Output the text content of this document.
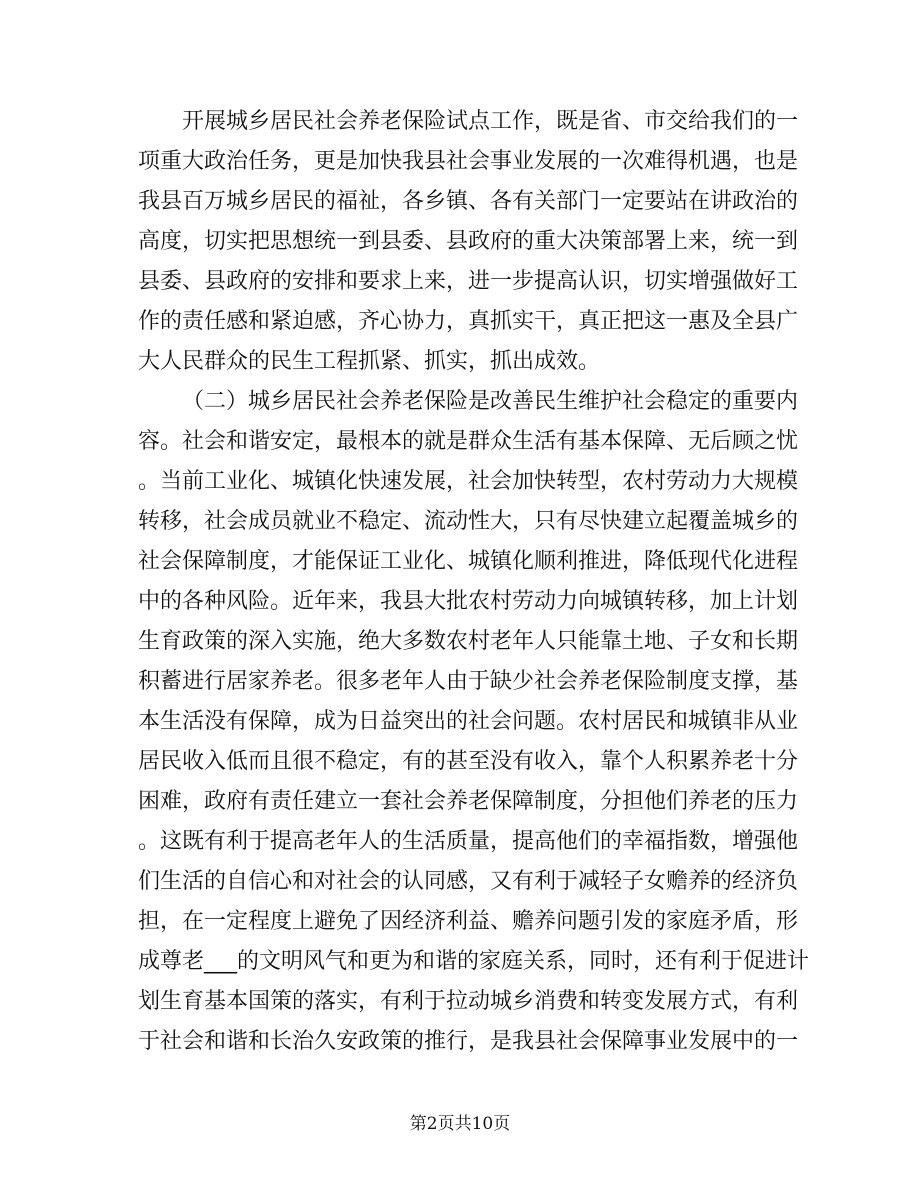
开展城乡居民社会养老保险试点工作，既是省、市交给我们的一
项重大政治任务，更是加快我县社会事业发展的一次难得机遇，也是
我县百万城乡居民的福祉，各乡镇、各有关部门一定要站在讲政治的
高度，切实把思想统一到县委、县政府的重大决策部署上来，统一到
县委、县政府的安排和要求上来，进一步提高认识，切实增强做好工
作的责任感和紧迫感，齐心协力，真抓实干，真正把这一惠及全县广
大人民群众的民生工程抓紧、抓实，抓出成效。
（二）城乡居民社会养老保险是改善民生维护社会稳定的重要内
容。社会和谐安定，最根本的就是群众生活有基本保障、无后顾之忧
。当前工业化、城镇化快速发展，社会加快转型，农村劳动力大规模
转移，社会成员就业不稳定、流动性大，只有尽快建立起覆盖城乡的
社会保障制度，才能保证工业化、城镇化顺利推进，降低现代化进程
中的各种风险。近年来，我县大批农村劳动力向城镇转移，加上计划
生育政策的深入实施，绝大多数农村老年人只能靠土地、子女和长期
积蓄进行居家养老。很多老年人由于缺少社会养老保险制度支撑，基
本生活没有保障，成为日益突出的社会问题。农村居民和城镇非从业
居民收入低而且很不稳定，有的甚至没有收入，靠个人积累养老十分
困难，政府有责任建立一套社会养老保障制度，分担他们养老的压力
。这既有利于提高老年人的生活质量，提高他们的幸福指数，增强他
们生活的自信心和对社会的认同感，又有利于减轻子女赡养的经济负
担，在一定程度上避免了因经济利益、赡养问题引发的家庭矛盾，形
成尊老___的文明风气和更为和谐的家庭关系，同时，还有利于促进计
划生育基本国策的落实，有利于拉动城乡消费和转变发展方式，有利
于社会和谐和长治久安政策的推行，是我县社会保障事业发展中的一
第2页共10页
